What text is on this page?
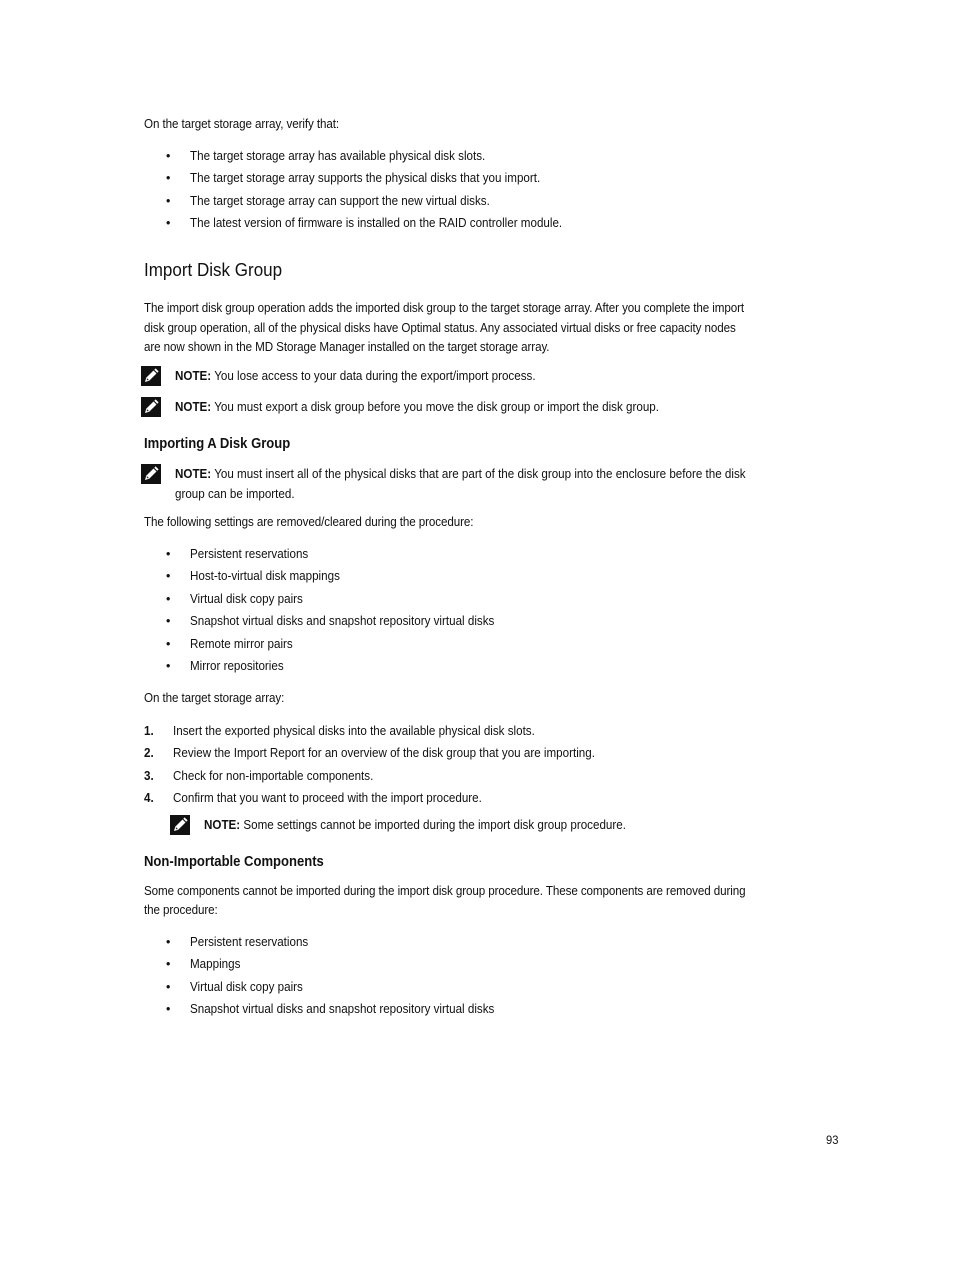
On the target storage array, verify that:

• The target storage array has available physical disk slots.
• The target storage array supports the physical disks that you import.
• The target storage array can support the new virtual disks.
• The latest version of firmware is installed on the RAID controller module.
Import Disk Group

The import disk group operation adds the imported disk group to the target storage array. After you complete the import

disk group operation, all of the physical disks have Optimal status. Any associated virtual disks or free capacity nodes

are now shown in the MD Storage Manager installed on the target storage array.

NOTE: You lose access to your data during the export/import process.
NOTE: You must export a disk group before you move the disk group or import the disk group.
Importing A Disk Group
NOTE: You must insert all of the physical disks that are part of the disk group into the enclosure before the disk
group can be imported.

The following settings are removed/cleared during the procedure:

• Persistent reservations
• Host-to-virtual disk mappings
• Virtual disk copy pairs
• Snapshot virtual disks and snapshot repository virtual disks
• Remote mirror pairs
• Mirror repositories

On the target storage array:

1. Insert the exported physical disks into the available physical disk slots.
2. Review the Import Report for an overview of the disk group that you are importing.
3. Check for non-importable components.
4. Confirm that you want to proceed with the import procedure.
NOTE: Some settings cannot be imported during the import disk group procedure.
Non-Importable Components

Some components cannot be imported during the import disk group procedure. These components are removed during

the procedure:

• Persistent reservations
• Mappings
• Virtual disk copy pairs
• Snapshot virtual disks and snapshot repository virtual disks
93
